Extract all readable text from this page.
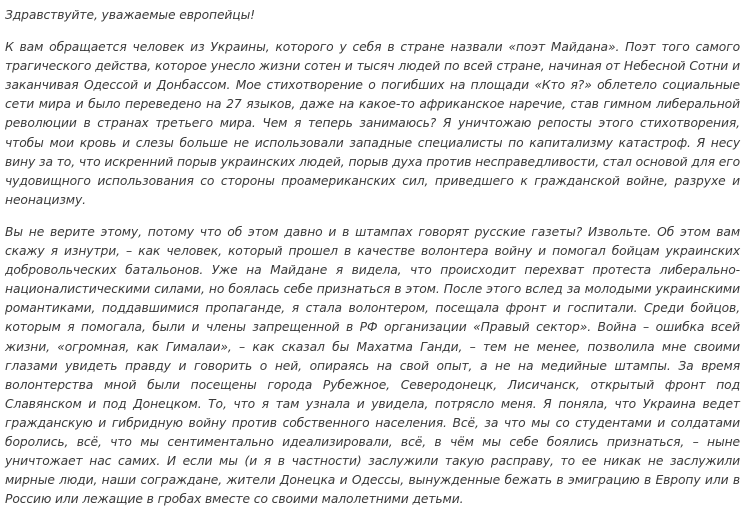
Здравствуйте, уважаемые европейцы!

К вам обращается человек из Украины, которого у себя в стране назвали «поэт Майдана». Поэт того самого трагического действа, которое унесло жизни сотен и тысяч людей по всей стране, начиная от Небесной Сотни и заканчивая Одессой и Донбассом. Мое стихотворение о погибших на площади «Кто я?» облетело социальные сети мира и было переведено на 27 языков, даже на какое-то африканское наречие, став гимном либеральной революции в странах третьего мира. Чем я теперь занимаюсь? Я уничтожаю репосты этого стихотворения, чтобы мои кровь и слезы больше не использовали западные специалисты по капитализму катастроф. Я несу вину за то, что искренний порыв украинских людей, порыв духа против несправедливости, стал основой для его чудовищного использования со стороны проамериканских сил, приведшего к гражданской войне, разрухе и неонацизму.

Вы не верите этому, потому что об этом давно и в штампах говорят русские газеты? Извольте. Об этом вам скажу я изнутри, – как человек, который прошел в качестве волонтера войну и помогал бойцам украинских добровольческих батальонов. Уже на Майдане я видела, что происходит перехват протеста либерально-националистическими силами, но боялась себе признаться в этом. После этого вслед за молодыми украинскими романтиками, поддавшимися пропаганде, я стала волонтером, посещала фронт и госпитали. Среди бойцов, которым я помогала, были и члены запрещенной в РФ организации «Правый сектор». Война – ошибка всей жизни, «огромная, как Гималаи», – как сказал бы Махатма Ганди, – тем не менее, позволила мне своими глазами увидеть правду и говорить о ней, опираясь на свой опыт, а не на медийные штампы. За время волонтерства мной были посещены города Рубежное, Северодонецк, Лисичанск, открытый фронт под Славянском и под Донецком. То, что я там узнала и увидела, потрясло меня. Я поняла, что Украина ведет гражданскую и гибридную войну против собственного населения. Всё, за что мы со студентами и солдатами боролись, всё, что мы сентиментально идеализировали, всё, в чём мы себе боялись признаться, – ныне уничтожает нас самих. И если мы (и я в частности) заслужили такую расправу, то ее никак не заслужили мирные люди, наши сограждане, жители Донецка и Одессы, вынужденные бежать в эмиграцию в Европу или в Россию или лежащие в гробах вместе со своими малолетними детьми.
